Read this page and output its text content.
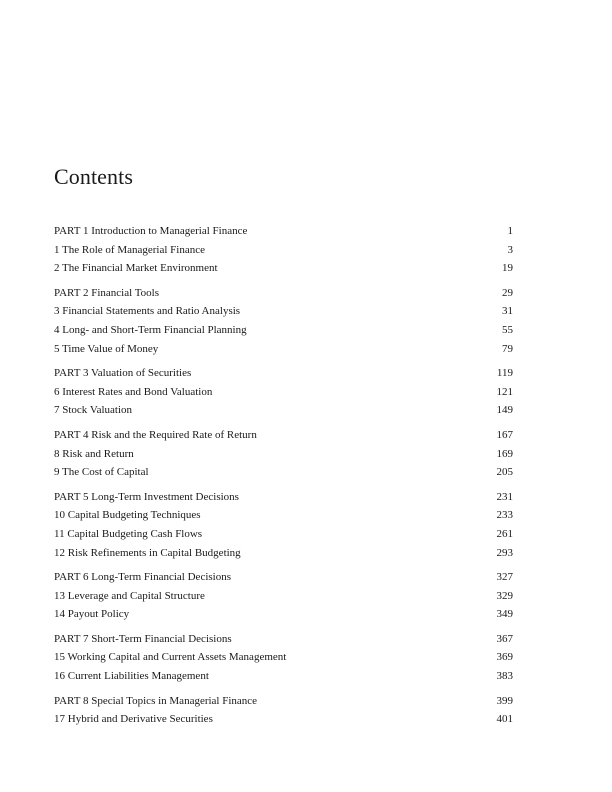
Contents
PART 1 Introduction to Managerial Finance	1
1 The Role of Managerial Finance	3
2 The Financial Market Environment	19
PART 2 Financial Tools	29
3 Financial Statements and Ratio Analysis	31
4 Long- and Short-Term Financial Planning	55
5 Time Value of Money	79
PART 3 Valuation of Securities	119
6 Interest Rates and Bond Valuation	121
7 Stock Valuation	149
PART 4 Risk and the Required Rate of Return	167
8 Risk and Return	169
9 The Cost of Capital	205
PART 5 Long-Term Investment Decisions	231
10 Capital Budgeting Techniques	233
11 Capital Budgeting Cash Flows	261
12 Risk Refinements in Capital Budgeting	293
PART 6 Long-Term Financial Decisions	327
13 Leverage and Capital Structure	329
14 Payout Policy	349
PART 7 Short-Term Financial Decisions	367
15 Working Capital and Current Assets Management	369
16 Current Liabilities Management	383
PART 8 Special Topics in Managerial Finance	399
17 Hybrid and Derivative Securities	401
